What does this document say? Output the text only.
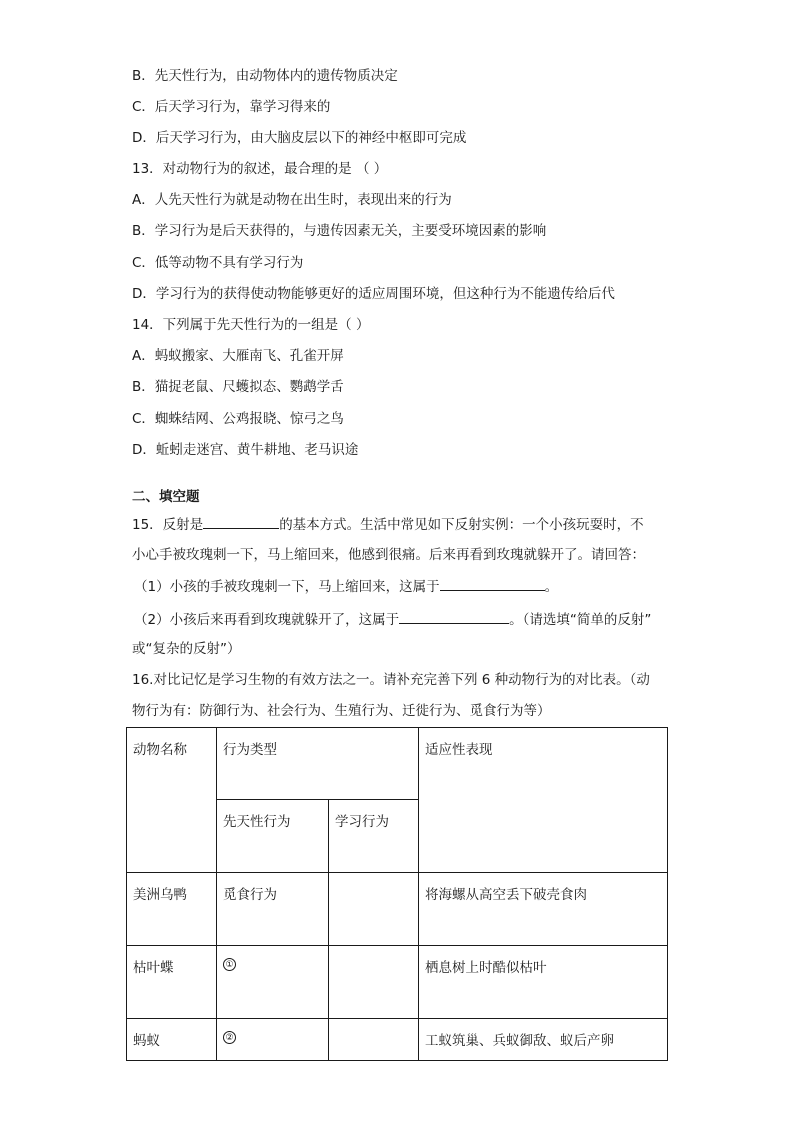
B．先天性行为，由动物体内的遗传物质决定
C．后天学习行为，靠学习得来的
D．后天学习行为，由大脑皮层以下的神经中枢即可完成
13．对动物行为的叙述，最合理的是 （ ）
A．人先天性行为就是动物在出生时，表现出来的行为
B．学习行为是后天获得的，与遗传因素无关，主要受环境因素的影响
C．低等动物不具有学习行为
D．学习行为的获得使动物能够更好的适应周围环境，但这种行为不能遗传给后代
14．下列属于先天性行为的一组是（ ）
A．蚂蚁搬家、大雁南飞、孔雀开屏
B．猫捉老鼠、尺蠖拟态、鹦鹉学舌
C．蜘蛛结网、公鸡报晓、惊弓之鸟
D．蚯蚓走迷宫、黄牛耕地、老马识途
二、填空题
15．反射是	的基本方式。生活中常见如下反射实例：一个小孩玩耍时，不
小心手被玫瑰刺一下，马上缩回来，他感到很痛。后来再看到玫瑰就躲开了。请回答：
（1）小孩的手被玫瑰刺一下，马上缩回来，这属于	。
（2）小孩后来再看到玫瑰就躲开了，这属于	。（请选填“简单的反射”
或“复杂的反射”）
16.对比记忆是学习生物的有效方法之一。请补充完善下列 6 种动物行为的对比表。（动
物行为有：防御行为、社会行为、生殖行为、迁徙行为、觅食行为等）
动物名称	行为类型		适应性表现
	先天性行为	学习行为	
美洲乌鸭	觅食行为		将海螺从高空丢下破壳食肉
枯叶蝶	①		栖息树上时酷似枯叶
蚂蚁	②		工蚁筑巢、兵蚁御敌、蚁后产卵
